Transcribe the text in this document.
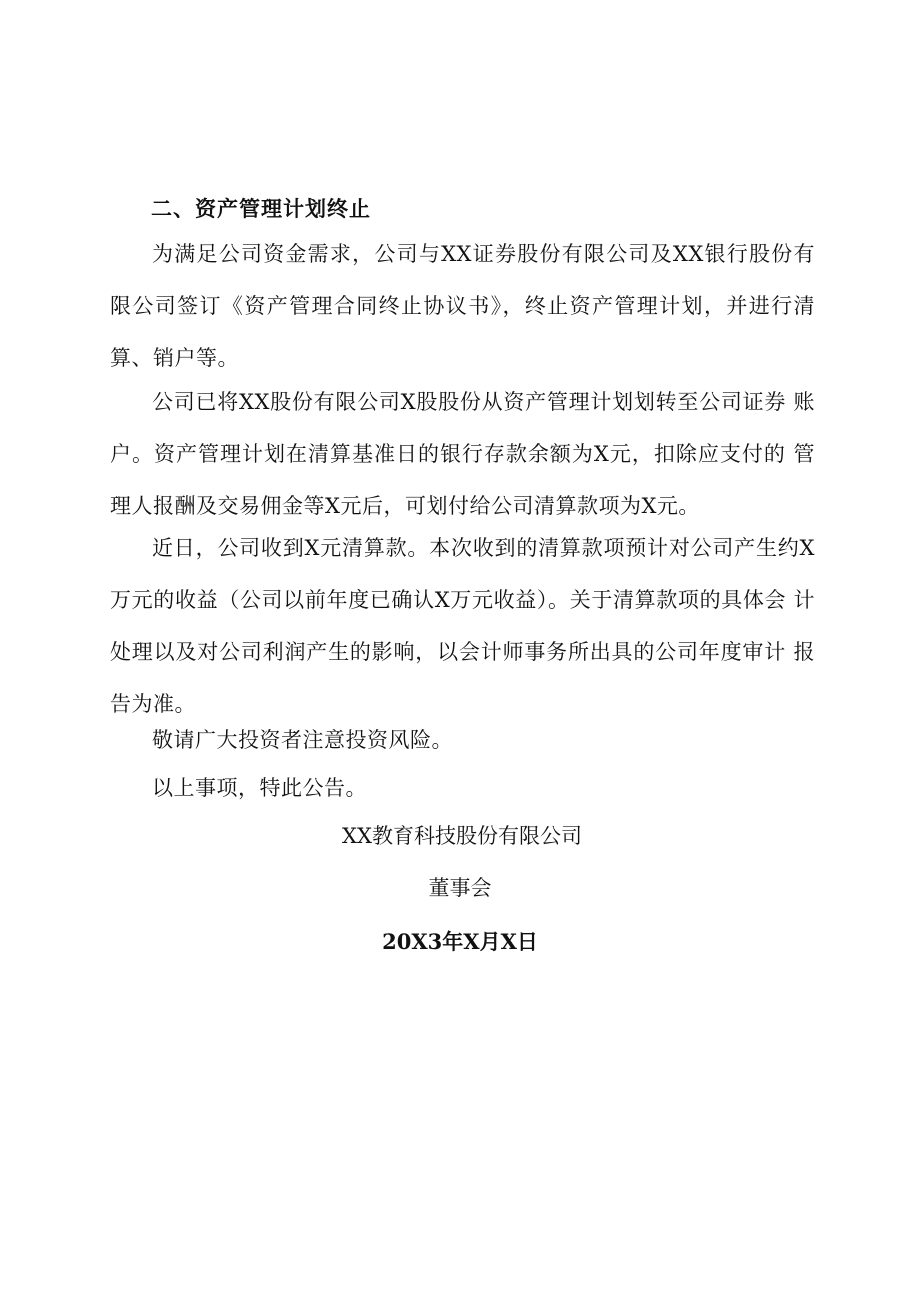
二、资产管理计划终止

为满足公司资金需求，公司与XX证券股份有限公司及XX银行股份有 限公司签订《资产管理合同终止协议书》，终止资产管理计划，并进行清 算、销户等。

公司已将XX股份有限公司X股股份从资产管理计划划转至公司证券 账户。资产管理计划在清算基准日的银行存款余额为X元，扣除应支付的 管理人报酬及交易佣金等X元后，可划付给公司清算款项为X元。

近日，公司收到X元清算款。本次收到的清算款项预计对公司产生约X万元的收益（公司以前年度已确认X万元收益）。关于清算款项的具体会 计处理以及对公司利润产生的影响，以会计师事务所出具的公司年度审计 报告为准。

敬请广大投资者注意投资风险。

以上事项，特此公告。

XX教育科技股份有限公司

董事会

20X3年X月X日
